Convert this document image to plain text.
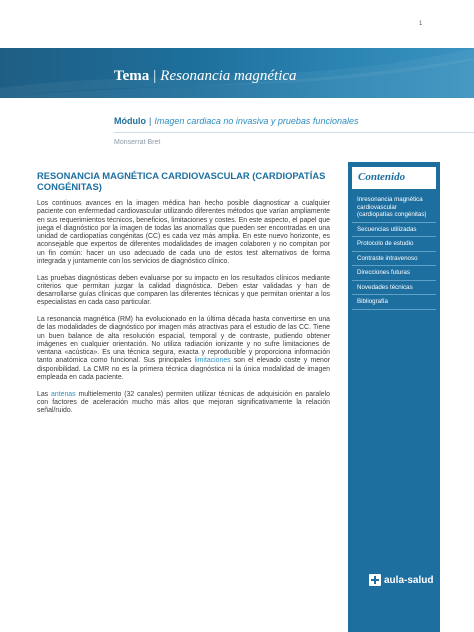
1
Tema | Resonancia magnética
Módulo | Imagen cardiaca no invasiva y pruebas funcionales
Monserrat Bret
RESONANCIA MAGNÉTICA CARDIOVASCULAR (CARDIOPATÍAS CONGÉNITAS)

Los continuos avances en la imagen médica han hecho posible diagnosticar a cualquier paciente con enfermedad cardiovascular utilizando diferentes métodos que varían ampliamente en sus requerimientos técnicos, beneficios, limitaciones y costes. En este aspecto, el papel que juega el diagnóstico por la imagen de todas las anomalías que pueden ser encontradas en una unidad de cardiopatías congénitas (CC) es cada vez más amplia. En este nuevo horizonte, es aconsejable que expertos de diferentes modalidades de imagen colaboren y no compitan por un fin común: hacer un uso adecuado de cada uno de estos test alternativos de forma integrada y juntamente con los servicios de diagnóstico clínico.

Las pruebas diagnósticas deben evaluarse por su impacto en los resultados clínicos mediante criterios que permitan juzgar la calidad diagnóstica. Deben estar validadas y han de desarrollarse guías clínicas que comparen las diferentes técnicas y que permitan orientar a los especialistas en cada caso particular.

La resonancia magnética (RM) ha evolucionado en la última década hasta convertirse en una de las modalidades de diagnóstico por imagen más atractivas para el estudio de las CC. Tiene un buen balance de alta resolución espacial, temporal y de contraste, pudiendo obtener imágenes en cualquier orientación. No utiliza radiación ionizante y no sufre limitaciones de ventana «acústica». Es una técnica segura, exacta y reproducible y proporciona información tanto anatómica como funcional. Sus principales limitaciones son el elevado coste y menor disponibilidad. La CMR no es la primera técnica diagnóstica ni la única modalidad de imagen empleada en cada paciente.

Las antenas multielemento (32 canales) permiten utilizar técnicas de adquisición en paralelo con factores de aceleración mucho más altos que mejoran significativamente la relación señal/ruido.

Contenido
Inresonancia magnética cardiovascular (cardiopatías congénitas)
Secuencias utilizadas
Protocolo de estudio
Contraste intravenoso
Direcciones futuras
Novedades técnicas
Bibliografía
aula-salud
